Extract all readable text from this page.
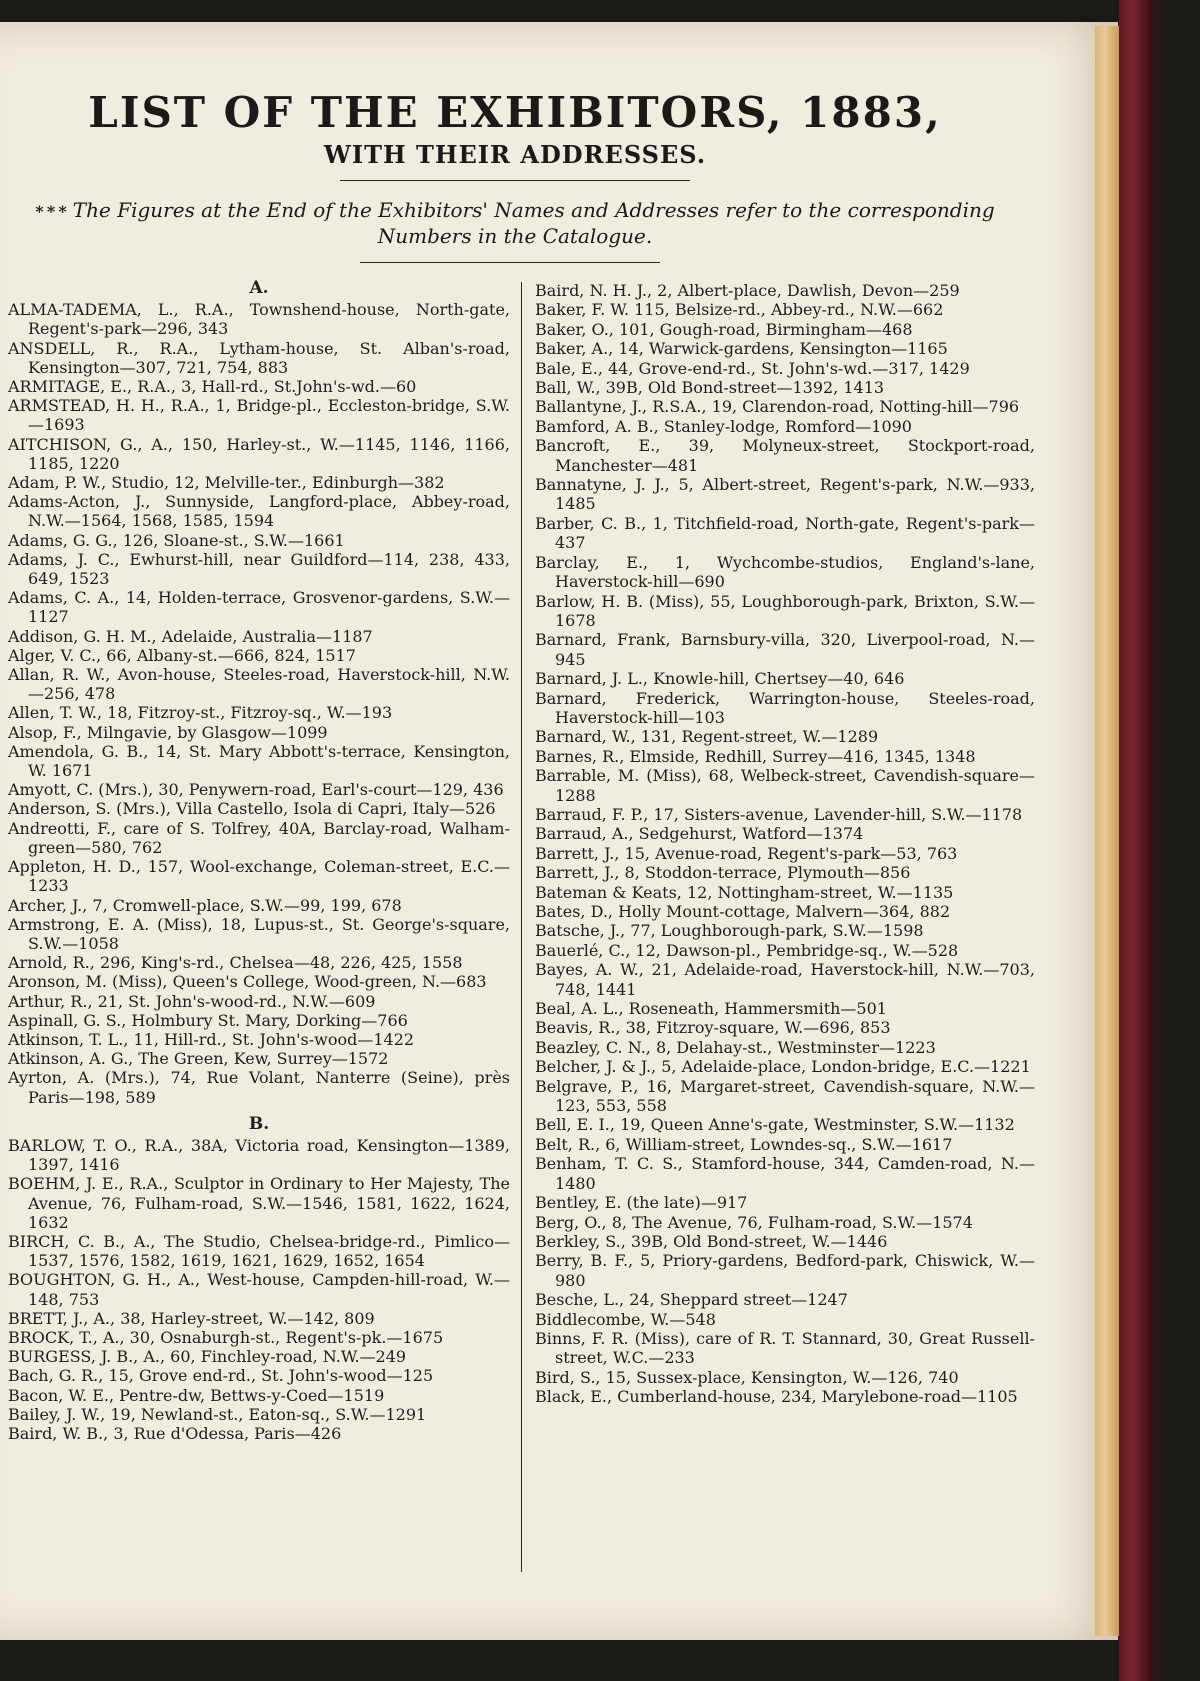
LIST OF THE EXHIBITORS, 1883,
WITH THEIR ADDRESSES.
* * * The Figures at the End of the Exhibitors' Names and Addresses refer to the corresponding Numbers in the Catalogue.

A.

ALMA-TADEMA, L., R.A., Townshend-house, North-gate, Regent's-park—296, 343

ANSDELL, R., R.A., Lytham-house, St. Alban's-road, Kensington—307, 721, 754, 883

ARMITAGE, E., R.A., 3, Hall-rd., St.John's-wd.—60

ARMSTEAD, H. H., R.A., 1, Bridge-pl., Eccleston-bridge, S.W.—1693

AITCHISON, G., A., 150, Harley-st., W.—1145, 1146, 1166, 1185, 1220

Adam, P. W., Studio, 12, Melville-ter., Edinburgh—382

Adams-Acton, J., Sunnyside, Langford-place, Abbey-road, N.W.—1564, 1568, 1585, 1594

Adams, G. G., 126, Sloane-st., S.W.—1661

Adams, J. C., Ewhurst-hill, near Guildford—114, 238, 433, 649, 1523

Adams, C. A., 14, Holden-terrace, Grosvenor-gardens, S.W.—1127

Addison, G. H. M., Adelaide, Australia—1187

Alger, V. C., 66, Albany-st.—666, 824, 1517

Allan, R. W., Avon-house, Steeles-road, Haverstock-hill, N.W.—256, 478

Allen, T. W., 18, Fitzroy-st., Fitzroy-sq., W.—193

Alsop, F., Milngavie, by Glasgow—1099

Amendola, G. B., 14, St. Mary Abbott's-terrace, Kensington, W. 1671

Amyott, C. (Mrs.), 30, Penywern-road, Earl's-court—129, 436

Anderson, S. (Mrs.), Villa Castello, Isola di Capri, Italy—526

Andreotti, F., care of S. Tolfrey, 40A, Barclay-road, Walham-green—580, 762

Appleton, H. D., 157, Wool-exchange, Coleman-street, E.C.—1233

Archer, J., 7, Cromwell-place, S.W.—99, 199, 678

Armstrong, E. A. (Miss), 18, Lupus-st., St. George's-square, S.W.—1058

Arnold, R., 296, King's-rd., Chelsea—48, 226, 425, 1558

Aronson, M. (Miss), Queen's College, Wood-green, N.—683

Arthur, R., 21, St. John's-wood-rd., N.W.—609

Aspinall, G. S., Holmbury St. Mary, Dorking—766

Atkinson, T. L., 11, Hill-rd., St. John's-wood—1422

Atkinson, A. G., The Green, Kew, Surrey—1572

Ayrton, A. (Mrs.), 74, Rue Volant, Nanterre (Seine), près Paris—198, 589

B.

BARLOW, T. O., R.A., 38A, Victoria road, Kensington—1389, 1397, 1416

BOEHM, J. E., R.A., Sculptor in Ordinary to Her Majesty, The Avenue, 76, Fulham-road, S.W.—1546, 1581, 1622, 1624, 1632

BIRCH, C. B., A., The Studio, Chelsea-bridge-rd., Pimlico—1537, 1576, 1582, 1619, 1621, 1629, 1652, 1654

BOUGHTON, G. H., A., West-house, Campden-hill-road, W.—148, 753

BRETT, J., A., 38, Harley-street, W.—142, 809

BROCK, T., A., 30, Osnaburgh-st., Regent's-pk.—1675

BURGESS, J. B., A., 60, Finchley-road, N.W.—249

Bach, G. R., 15, Grove end-rd., St. John's-wood—125

Bacon, W. E., Pentre-dw, Bettws-y-Coed—1519

Bailey, J. W., 19, Newland-st., Eaton-sq., S.W.—1291

Baird, W. B., 3, Rue d'Odessa, Paris—426

Baird, N. H. J., 2, Albert-place, Dawlish, Devon—259

Baker, F. W. 115, Belsize-rd., Abbey-rd., N.W.—662

Baker, O., 101, Gough-road, Birmingham—468

Baker, A., 14, Warwick-gardens, Kensington—1165

Bale, E., 44, Grove-end-rd., St. John's-wd.—317, 1429

Ball, W., 39B, Old Bond-street—1392, 1413

Ballantyne, J., R.S.A., 19, Clarendon-road, Notting-hill—796

Bamford, A. B., Stanley-lodge, Romford—1090

Bancroft, E., 39, Molyneux-street, Stockport-road, Manchester—481

Bannatyne, J. J., 5, Albert-street, Regent's-park, N.W.—933, 1485

Barber, C. B., 1, Titchfield-road, North-gate, Regent's-park—437

Barclay, E., 1, Wychcombe-studios, England's-lane, Haverstock-hill—690

Barlow, H. B. (Miss), 55, Loughborough-park, Brixton, S.W.—1678

Barnard, Frank, Barnsbury-villa, 320, Liverpool-road, N.—945

Barnard, J. L., Knowle-hill, Chertsey—40, 646

Barnard, Frederick, Warrington-house, Steeles-road, Haverstock-hill—103

Barnard, W., 131, Regent-street, W.—1289

Barnes, R., Elmside, Redhill, Surrey—416, 1345, 1348

Barrable, M. (Miss), 68, Welbeck-street, Cavendish-square—1288

Barraud, F. P., 17, Sisters-avenue, Lavender-hill, S.W.—1178

Barraud, A., Sedgehurst, Watford—1374

Barrett, J., 15, Avenue-road, Regent's-park—53, 763

Barrett, J., 8, Stoddon-terrace, Plymouth—856

Bateman & Keats, 12, Nottingham-street, W.—1135

Bates, D., Holly Mount-cottage, Malvern—364, 882

Batsche, J., 77, Loughborough-park, S.W.—1598

Bauerlé, C., 12, Dawson-pl., Pembridge-sq., W.—528

Bayes, A. W., 21, Adelaide-road, Haverstock-hill, N.W.—703, 748, 1441

Beal, A. L., Roseneath, Hammersmith—501

Beavis, R., 38, Fitzroy-square, W.—696, 853

Beazley, C. N., 8, Delahay-st., Westminster—1223

Belcher, J. & J., 5, Adelaide-place, London-bridge, E.C.—1221

Belgrave, P., 16, Margaret-street, Cavendish-square, N.W.—123, 553, 558

Bell, E. I., 19, Queen Anne's-gate, Westminster, S.W.—1132

Belt, R., 6, William-street, Lowndes-sq., S.W.—1617

Benham, T. C. S., Stamford-house, 344, Camden-road, N.—1480

Bentley, E. (the late)—917

Berg, O., 8, The Avenue, 76, Fulham-road, S.W.—1574

Berkley, S., 39B, Old Bond-street, W.—1446

Berry, B. F., 5, Priory-gardens, Bedford-park, Chiswick, W.—980

Besche, L., 24, Sheppard street—1247

Biddlecombe, W.—548

Binns, F. R. (Miss), care of R. T. Stannard, 30, Great Russell-street, W.C.—233

Bird, S., 15, Sussex-place, Kensington, W.—126, 740

Black, E., Cumberland-house, 234, Marylebone-road—1105
